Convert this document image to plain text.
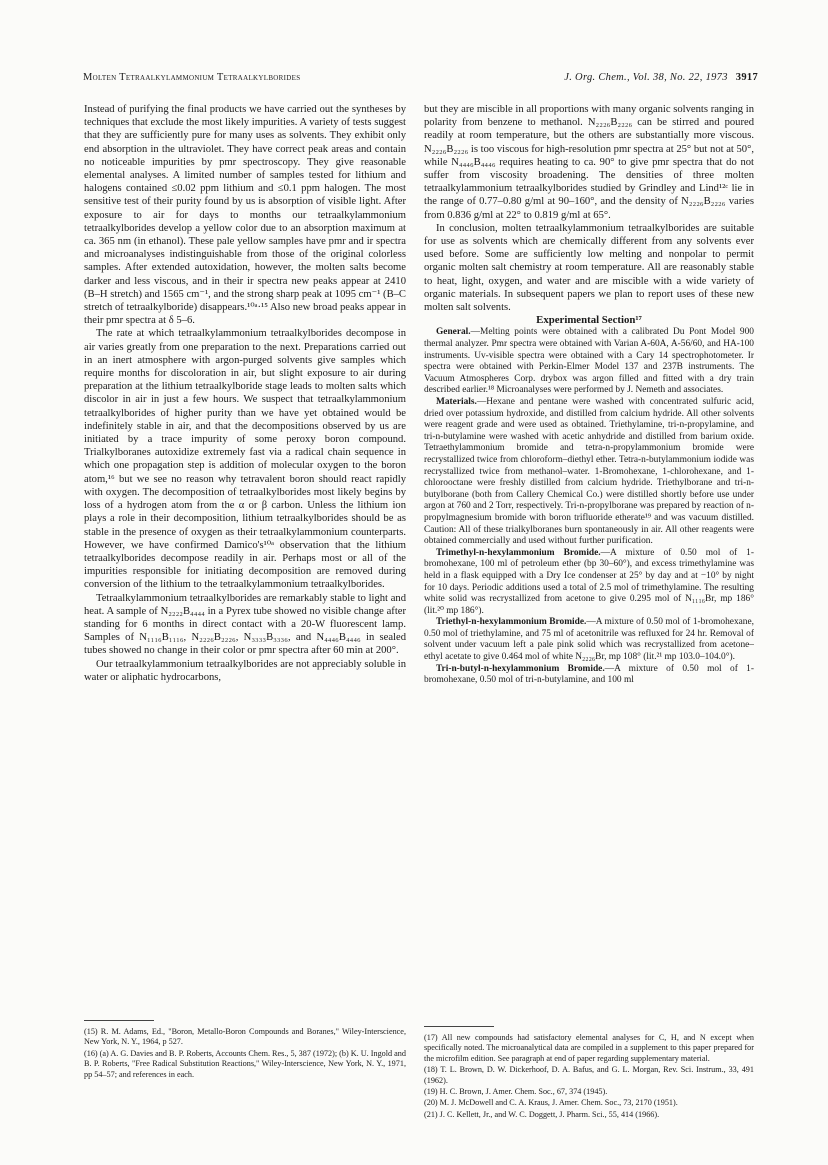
Molten Tetraalkylammonium Tetraalkylborides	J. Org. Chem., Vol. 38, No. 22, 1973 3917

Instead of purifying the final products we have carried out the syntheses by techniques that exclude the most likely impurities. A variety of tests suggest that they are sufficiently pure for many uses as solvents. They exhibit only end absorption in the ultraviolet. They have correct peak areas and contain no noticeable impurities by pmr spectroscopy. They give reasonable elemental analyses. A limited number of samples tested for lithium and halogens contained ≤0.02 ppm lithium and ≤0.1 ppm halogen. The most sensitive test of their purity found by us is absorption of visible light. After exposure to air for days to months our tetraalkylammonium tetraalkylborides develop a yellow color due to an absorption maximum at ca. 365 nm (in ethanol). These pale yellow samples have pmr and ir spectra and microanalyses indistinguishable from those of the original colorless samples. After extended autoxidation, however, the molten salts become darker and less viscous, and in their ir spectra new peaks appear at 2410 (B–H stretch) and 1565 cm⁻¹, and the strong sharp peak at 1095 cm⁻¹ (B–C stretch of tetraalkylboride) disappears.¹⁰ᵃ·¹⁵ Also new broad peaks appear in their pmr spectra at δ 5–6.

The rate at which tetraalkylammonium tetraalkylborides decompose in air varies greatly from one preparation to the next. Preparations carried out in an inert atmosphere with argon-purged solvents give samples which require months for discoloration in air, but slight exposure to air during preparation at the lithium tetraalkylboride stage leads to molten salts which discolor in air in just a few hours. We suspect that tetraalkylammonium tetraalkylborides of higher purity than we have yet obtained would be indefinitely stable in air, and that the decompositions observed by us are initiated by a trace impurity of some peroxy boron compound. Trialkylboranes autoxidize extremely fast via a radical chain sequence in which one propagation step is addition of molecular oxygen to the boron atom,¹⁶ but we see no reason why tetravalent boron should react rapidly with oxygen. The decomposition of tetraalkylborides most likely begins by loss of a hydrogen atom from the α or β carbon. Unless the lithium ion plays a role in their decomposition, lithium tetraalkylborides should be as stable in the presence of oxygen as their tetraalkylammonium counterparts. However, we have confirmed Damico's¹⁰ᵃ observation that the lithium tetraalkylborides decompose readily in air. Perhaps most or all of the impurities responsible for initiating decomposition are removed during conversion of the lithium to the tetraalkylammonium tetraalkylborides.

Tetraalkylammonium tetraalkylborides are remarkably stable to light and heat. A sample of N₂₂₂₂B₄₄₄₄ in a Pyrex tube showed no visible change after standing for 6 months in direct contact with a 20-W fluorescent lamp. Samples of N₁₁₁₆B₁₁₁₆, N₂₂₂₆B₂₂₂₆, N₃₃₃₃B₃₃₃₆, and N₄₄₄₆B₄₄₄₆ in sealed tubes showed no change in their color or pmr spectra after 60 min at 200°.

Our tetraalkylammonium tetraalkylborides are not appreciably soluble in water or aliphatic hydrocarbons,

but they are miscible in all proportions with many organic solvents ranging in polarity from benzene to methanol. N₂₂₂₆B₂₂₂₆ can be stirred and poured readily at room temperature, but the others are substantially more viscous. N₂₂₂₆B₂₂₂₆ is too viscous for high-resolution pmr spectra at 25° but not at 50°, while N₄₄₄₆B₄₄₄₆ requires heating to ca. 90° to give pmr spectra that do not suffer from viscosity broadening. The densities of three molten tetraalkylammonium tetraalkylborides studied by Grindley and Lind¹²ᶜ lie in the range of 0.77–0.80 g/ml at 90–160°, and the density of N₂₂₂₆B₂₂₂₆ varies from 0.836 g/ml at 22° to 0.819 g/ml at 65°.

In conclusion, molten tetraalkylammonium tetraalkylborides are suitable for use as solvents which are chemically different from any solvents ever used before. Some are sufficiently low melting and nonpolar to permit organic molten salt chemistry at room temperature. All are reasonably stable to heat, light, oxygen, and water and are miscible with a wide variety of organic materials. In subsequent papers we plan to report uses of these new molten salt solvents.

Experimental Section¹⁷

General.—Melting points were obtained with a calibrated Du Pont Model 900 thermal analyzer. Pmr spectra were obtained with Varian A-60A, A-56/60, and HA-100 instruments. Uv-visible spectra were obtained with a Cary 14 spectrophotometer. Ir spectra were obtained with Perkin-Elmer Model 137 and 237B instruments. The Vacuum Atmospheres Corp. drybox was argon filled and fitted with a dry train described earlier.¹⁸ Microanalyses were performed by J. Nemeth and associates.

Materials.—Hexane and pentane were washed with concentrated sulfuric acid, dried over potassium hydroxide, and distilled from calcium hydride. All other solvents were reagent grade and were used as obtained. Triethylamine, tri-n-propylamine, and tri-n-butylamine were washed with acetic anhydride and distilled from barium oxide. Tetraethylammonium bromide and tetra-n-propylammonium bromide were recrystallized twice from chloroform–diethyl ether. Tetra-n-butylammonium iodide was recrystallized twice from methanol–water. 1-Bromohexane, 1-chlorohexane, and 1-chlorooctane were freshly distilled from calcium hydride. Triethylborane and tri-n-butylborane (both from Callery Chemical Co.) were distilled shortly before use under argon at 760 and 2 Torr, respectively. Tri-n-propylborane was prepared by reaction of n-propylmagnesium bromide with boron trifluoride etherate¹⁹ and was vacuum distilled. Caution: All of these trialkylboranes burn spontaneously in air. All other reagents were obtained commercially and used without further purification.

Trimethyl-n-hexylammonium Bromide.—A mixture of 0.50 mol of 1-bromohexane, 100 ml of petroleum ether (bp 30–60°), and excess trimethylamine was held in a flask equipped with a Dry Ice condenser at 25° by day and at −10° by night for 10 days. Periodic additions used a total of 2.5 mol of trimethylamine. The resulting white solid was recrystallized from acetone to give 0.295 mol of N₁₁₁₆Br, mp 186° (lit.²⁰ mp 186°).

Triethyl-n-hexylammonium Bromide.—A mixture of 0.50 mol of 1-bromohexane, 0.50 mol of triethylamine, and 75 ml of acetonitrile was refluxed for 24 hr. Removal of solvent under vacuum left a pale pink solid which was recrystallized from acetone–ethyl acetate to give 0.464 mol of white N₂₂₂₆Br, mp 108° (lit.²¹ mp 103.0–104.0°).

Tri-n-butyl-n-hexylammonium Bromide.—A mixture of 0.50 mol of 1-bromohexane, 0.50 mol of tri-n-butylamine, and 100 ml

(15) R. M. Adams, Ed., "Boron, Metallo-Boron Compounds and Boranes," Wiley-Interscience, New York, N. Y., 1964, p 527.

(16) (a) A. G. Davies and B. P. Roberts, Accounts Chem. Res., 5, 387 (1972); (b) K. U. Ingold and B. P. Roberts, "Free Radical Substitution Reactions," Wiley-Interscience, New York, N. Y., 1971, pp 54–57; and references in each.

(17) All new compounds had satisfactory elemental analyses for C, H, and N except when specifically noted. The microanalytical data are compiled in a supplement to this paper prepared for the microfilm edition. See paragraph at end of paper regarding supplementary material.

(18) T. L. Brown, D. W. Dickerhoof, D. A. Bafus, and G. L. Morgan, Rev. Sci. Instrum., 33, 491 (1962).

(19) H. C. Brown, J. Amer. Chem. Soc., 67, 374 (1945).

(20) M. J. McDowell and C. A. Kraus, J. Amer. Chem. Soc., 73, 2170 (1951).

(21) J. C. Kellett, Jr., and W. C. Doggett, J. Pharm. Sci., 55, 414 (1966).
